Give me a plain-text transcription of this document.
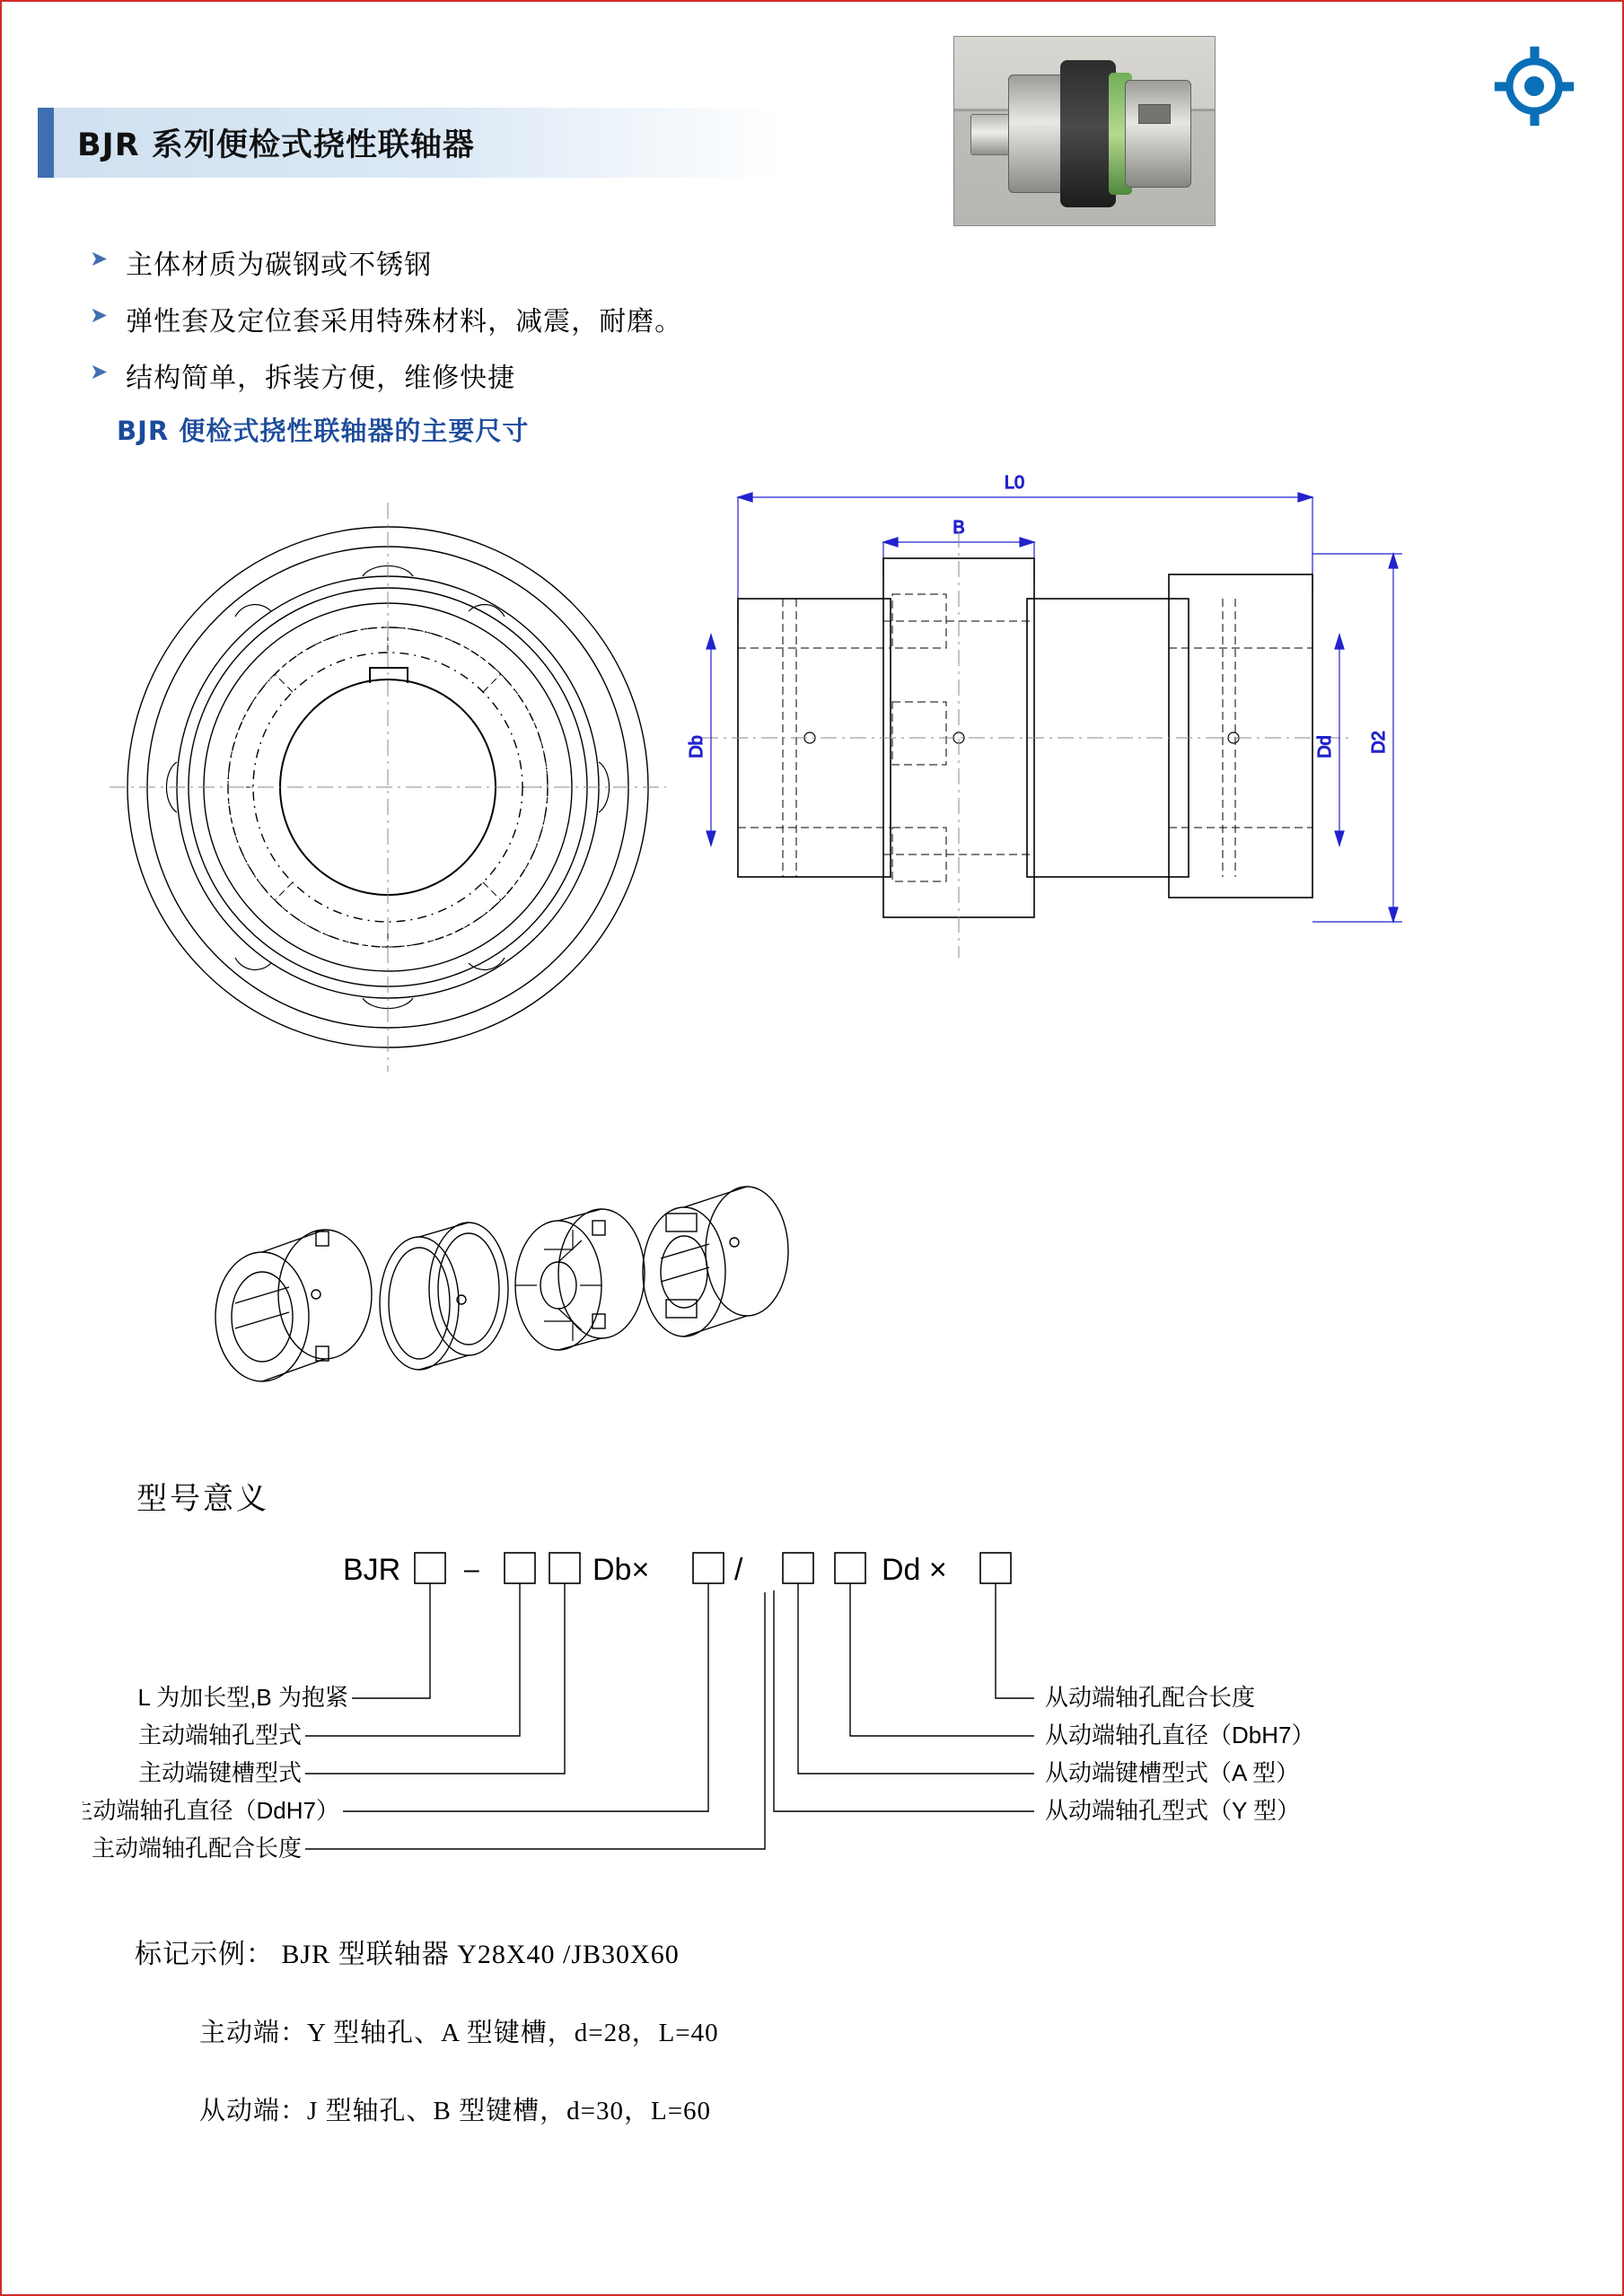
BJR 系列便检式挠性联轴器
➤ 主体材质为碳钢或不锈钢
➤ 弹性套及定位套采用特殊材料，减震，耐磨。
➤ 结构简单，拆装方便，维修快捷
BJR 便检式挠性联轴器的主要尺寸
L0
B
Db	Dd D2
型号意义
BJR –	Db×	/	Dd ×
L 为加长型,B 为抱紧
主动端轴孔型式
主动端键槽型式
主动端轴孔直径（DdH7）
主动端轴孔配合长度
从动端轴孔配合长度
从动端轴孔直径（DbH7）
从动端键槽型式（A 型）
从动端轴孔型式（Y 型）
标记示例： BJR 型联轴器 Y28X40 /JB30X60
主动端：Y 型轴孔、A 型键槽，d=28，L=40
从动端：J 型轴孔、B 型键槽，d=30，L=60
